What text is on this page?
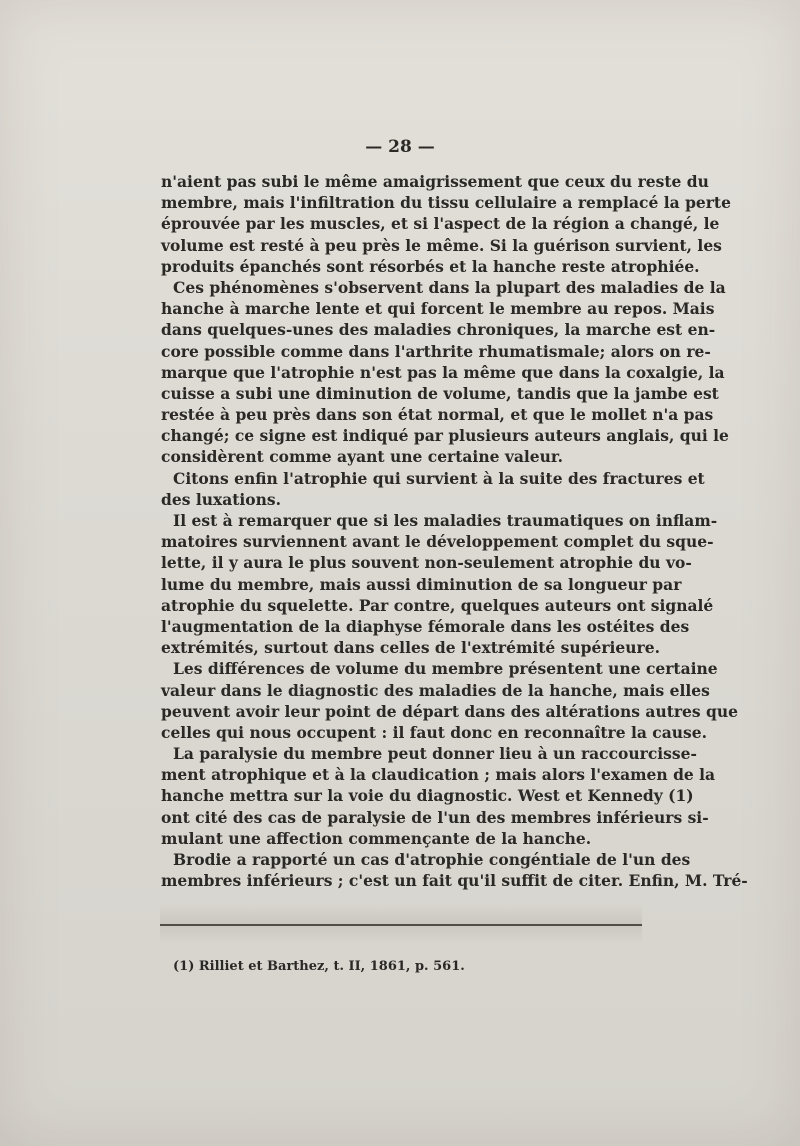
— 28 —
n'aient pas subi le même amaigrissement que ceux du reste du
membre, mais l'infiltration du tissu cellulaire a remplacé la perte
éprouvée par les muscles, et si l'aspect de la région a changé, le
volume est resté à peu près le même. Si la guérison survient, les
produits épanchés sont résorbés et la hanche reste atrophiée.
Ces phénomènes s'observent dans la plupart des maladies de la
hanche à marche lente et qui forcent le membre au repos. Mais
dans quelques-unes des maladies chroniques, la marche est en-
core possible comme dans l'arthrite rhumatismale; alors on re-
marque que l'atrophie n'est pas la même que dans la coxalgie, la
cuisse a subi une diminution de volume, tandis que la jambe est
restée à peu près dans son état normal, et que le mollet n'a pas
changé; ce signe est indiqué par plusieurs auteurs anglais, qui le
considèrent comme ayant une certaine valeur.
Citons enfin l'atrophie qui survient à la suite des fractures et
des luxations.
Il est à remarquer que si les maladies traumatiques on inflam-
matoires surviennent avant le développement complet du sque-
lette, il y aura le plus souvent non-seulement atrophie du vo-
lume du membre, mais aussi diminution de sa longueur par
atrophie du squelette. Par contre, quelques auteurs ont signalé
l'augmentation de la diaphyse fémorale dans les ostéites des
extrémités, surtout dans celles de l'extrémité supérieure.
Les différences de volume du membre présentent une certaine
valeur dans le diagnostic des maladies de la hanche, mais elles
peuvent avoir leur point de départ dans des altérations autres que
celles qui nous occupent : il faut donc en reconnaître la cause.
La paralysie du membre peut donner lieu à un raccourcisse-
ment atrophique et à la claudication ; mais alors l'examen de la
hanche mettra sur la voie du diagnostic. West et Kennedy (1)
ont cité des cas de paralysie de l'un des membres inférieurs si-
mulant une affection commençante de la hanche.
Brodie a rapporté un cas d'atrophie congéntiale de l'un des
membres inférieurs ; c'est un fait qu'il suffit de citer. Enfin, M. Tré-
(1) Rilliet et Barthez, t. II, 1861, p. 561.
